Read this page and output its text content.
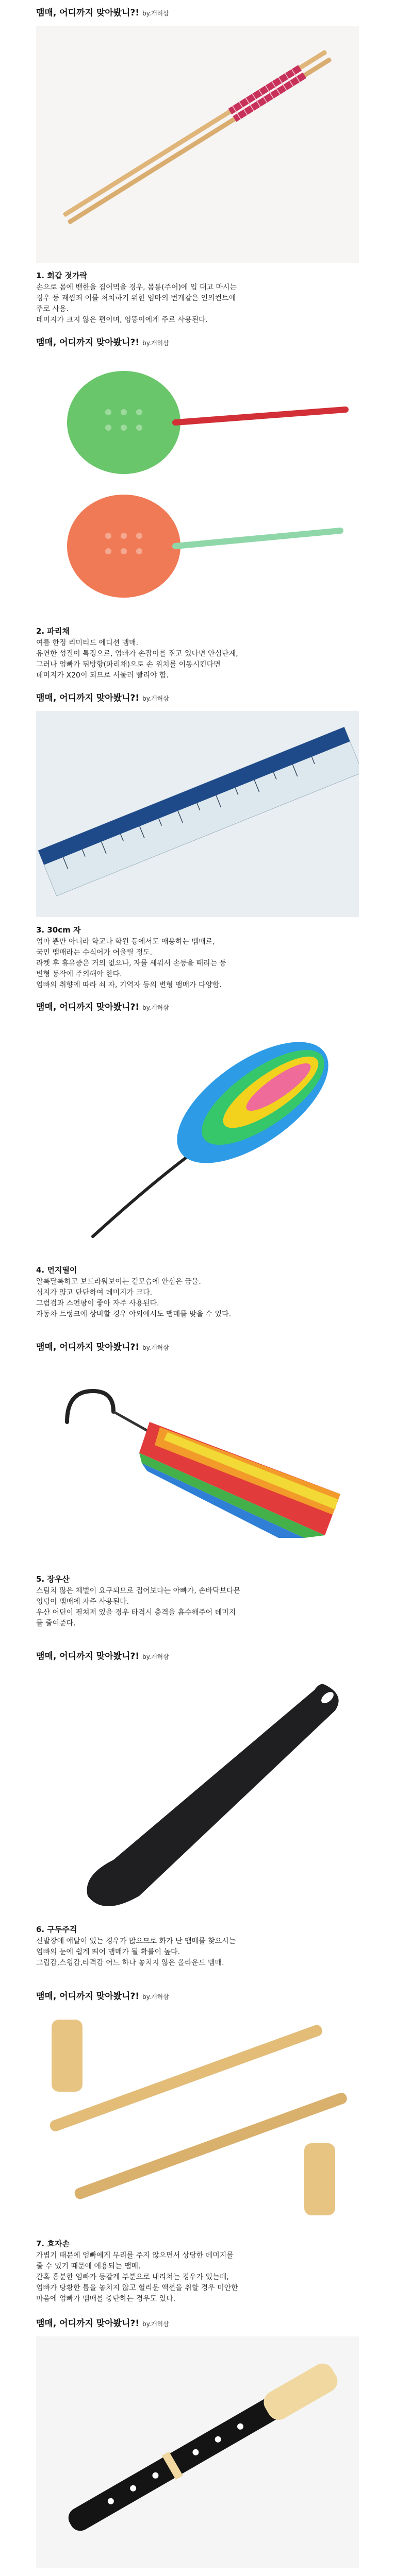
맴매, 어디까지 맞아봤니?! by.개허삼
1. 회갑 젓가락
손으로 몸에 밴한을 집어먹을 경우, 몸통(주어)에 입 대고 마시는
경우 등 괘씸죄 이를 처치하기 위한 엄마의 번개같은 인의컨트에
주로 사용.
데미지가 크지 않은 편이며, 엉뚱이에게 주로 사용된다.
맴매, 어디까지 맞아봤니?! by.개허삼
2. 파리채
여름 한정 리미티드 에디션 맴매.
유연한 성질이 특징으로, 엄빠가 손잡이를 쥐고 있다면 안심단계,
그러나 엄빠가 뒤방향(파리채)으로 손 위치를 이동시킨다면
데미지가 X20이 되므로 서둘러 빨리야 함.
맴매, 어디까지 맞아봤니?! by.개허삼
3. 30cm 자
엄마 뿐만 아니라 학교나 학원 등에서도 애용하는 맴매로,
국민 맴매라는 수식어가 어울릴 정도.
라켓 후 휴유증은 거의 없으나, 자를 세워서 손등을 때리는 등
변형 동작에 주의해야 한다.
엄빠의 취향에 따라 쇠 자, 기역자 등의 변형 맴매가 다양함.
맴매, 어디까지 맞아봤니?! by.개허삼
4. 먼지떨이
알록달록하고 보드라워보이는 겉모습에 안심은 금물.
심지가 얇고 단단하여 데미지가 크다.
그럼검과 스펀팡이 좋아 자주 사용된다.
자동차 트렁크에 상비할 경우 야외에서도 맴매를 맞을 수 있다.
맴매, 어디까지 맞아봤니?! by.개허삼
5. 장우산
스팀치 많은 체벌이 요구되므로 집어보다는 아빠가, 손바닥보다믄
엉덩이 맴매에 자주 사용된다.
우산 어딘이 펼쳐져 있을 경우 타격시 충격을 흡수해주어 데미지
를 줄여준다.
맴매, 어디까지 맞아봤니?! by.개허삼
6. 구두주걱
신발장에 얘달여 있는 경우가 많으므로 화가 난 맴매를 찾으시는
엄빠의 눈에 쉽게 띄어 맴매가 될 확률이 높다.
그립감,스윙감,타격감 어느 하나 놓치지 않은 올라운드 맴매.
맴매, 어디까지 맞아봤니?! by.개허삼
7. 효자손
가볍기 때문에 엄빠에게 무리를 주지 않으면서 상당한 데미지를
줄 수 있기 때문에 애용되는 맴매.
간혹 흥분한 엄빠가 등같게 부분으로 내리쳐는 경우가 있는데,
엄빠가 당황한 틈을 놓치지 않고 헐리운 액션을 취할 경우 미안한
마음에 엄빠가 맴매를 중단하는 경우도 있다.
맴매, 어디까지 맞아봤니?! by.개허삼
